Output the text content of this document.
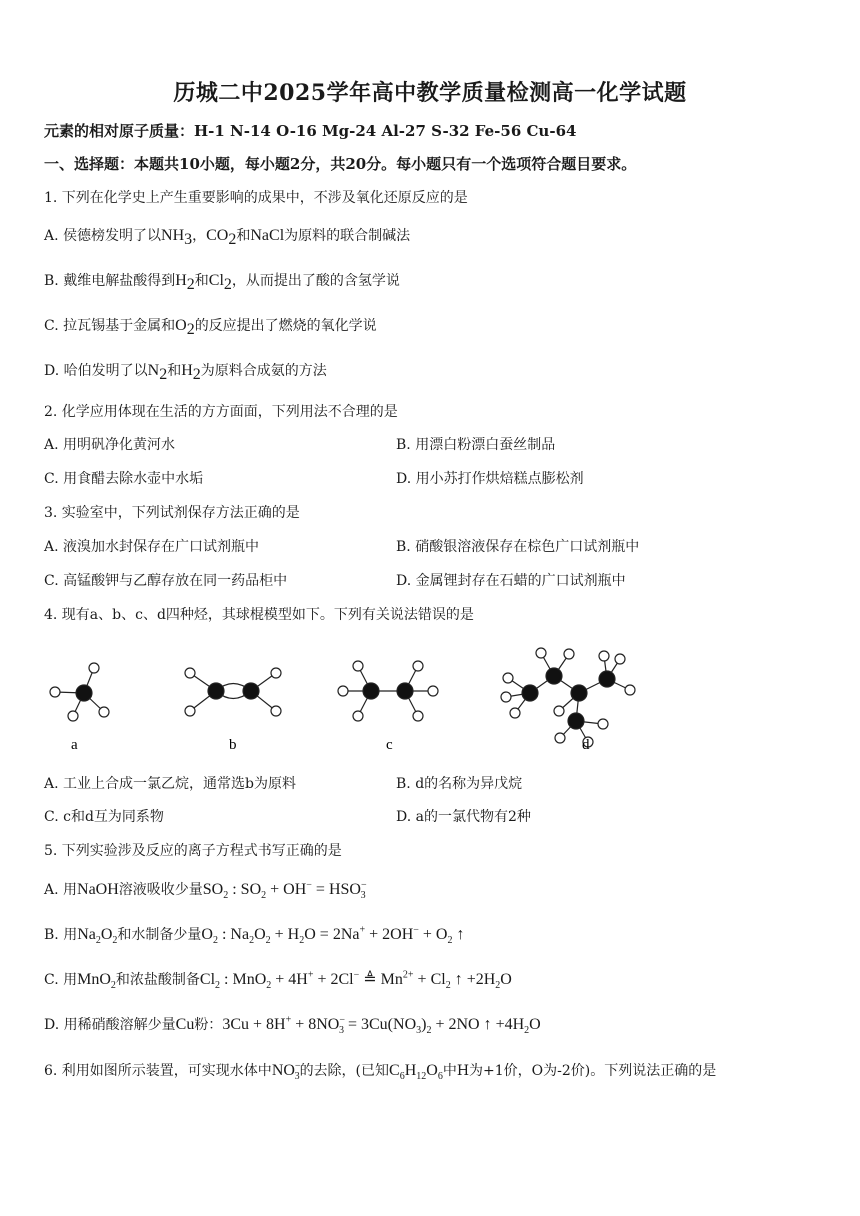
历城二中2025学年高中教学质量检测高一化学试题
元素的相对原子质量：H-1 N-14 O-16 Mg-24 Al-27 S-32 Fe-56 Cu-64
一、选择题：本题共10小题，每小题2分，共20分。每小题只有一个选项符合题目要求。
1. 下列在化学史上产生重要影响的成果中，不涉及氧化还原反应的是
A. 侯德榜发明了以$NH_3$，$CO_2$和NaCl为原料的联合制碱法
B. 戴维电解盐酸得到$H_2$和$Cl_2$，从而提出了酸的含氢学说
C. 拉瓦锡基于金属和$O_2$的反应提出了燃烧的氧化学说
D. 哈伯发明了以$N_2$和$H_2$为原料合成氨的方法
2. 化学应用体现在生活的方方面面，下列用法不合理的是
A. 用明矾净化黄河水	B. 用漂白粉漂白蚕丝制品
C. 用食醋去除水壶中水垢	D. 用小苏打作烘焙糕点膨松剂
3. 实验室中，下列试剂保存方法正确的是
A. 液溴加水封保存在广口试剂瓶中	B. 硝酸银溶液保存在棕色广口试剂瓶中
C. 高锰酸钾与乙醇存放在同一药品柜中	D. 金属锂封存在石蜡的广口试剂瓶中
4. 现有a、b、c、d四种烃，其球棍模型如下。下列有关说法错误的是
a	b	c	d
A. 工业上合成一氯乙烷，通常选b为原料	B. d的名称为异戊烷
C. c和d互为同系物	D. a的一氯代物有2种
5. 下列实验涉及反应的离子方程式书写正确的是
A. 用NaOH溶液吸收少量$SO_2$ : $SO_2 + OH^- = HSO^-_3$
B. 用$Na_2O_2$和水制备少量$O_2$ : $Na_2O_2 + H_2O = 2Na^+ + 2OH^- + O_2$ ↑
C. 用MnO$_2$和浓盐酸制备$Cl_2$ : MnO$_2$ + 4H+ + 2Cl− ≜ $Mn^{2+} + Cl_2$ ↑ $+2H_2O$
D. 用稀硝酸溶解少量Cu粉：$3Cu + 8H^+ + 8NO^-_3 = 3Cu(NO_3)_2 + 2NO$ ↑ $+4H_2O$
6. 利用如图所示装置，可实现水体中$NO^-_3$的去除，(已知$C_6H_{12}O_6$中H为+1价，O为-2价)。下列说法正确的是
